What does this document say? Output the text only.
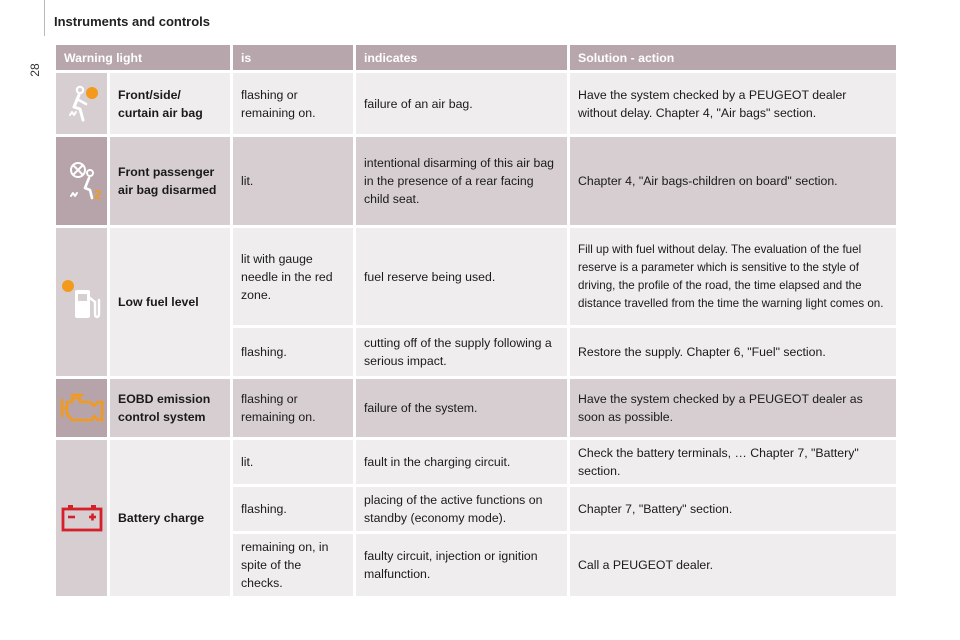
28
Instruments and controls
Warning light		is	indicates	Solution - action

	Front/side/ curtain air bag	flashing or remaining on.	failure of an air bag.	Have the system checked by a PEUGEOT dealer without delay. Chapter 4, "Air bags" section.

2	Front passenger air bag disarmed	lit.	intentional disarming of this air bag in the presence of a rear facing child seat.	Chapter 4, "Air bags-children on board" section.

	Low fuel level	lit with gauge needle in the red zone.	fuel reserve being used.	Fill up with fuel without delay. The evaluation of the fuel reserve is a parameter which is sensitive to the style of driving, the profile of the road, the time elapsed and the distance travelled from the time the warning light comes on.
		flashing.	cutting off of the supply following a serious impact.	Restore the supply. Chapter 6, "Fuel" section.

	EOBD emission control system	flashing or remaining on.	failure of the system.	Have the system checked by a PEUGEOT dealer as soon as possible.

	Battery charge	lit.	fault in the charging circuit.	Check the battery terminals, … Chapter 7, "Battery" section.
		flashing.	placing of the active functions on standby (economy mode).	Chapter 7, "Battery" section.
		remaining on, in spite of the checks.	faulty circuit, injection or ignition malfunction.	Call a PEUGEOT dealer.
